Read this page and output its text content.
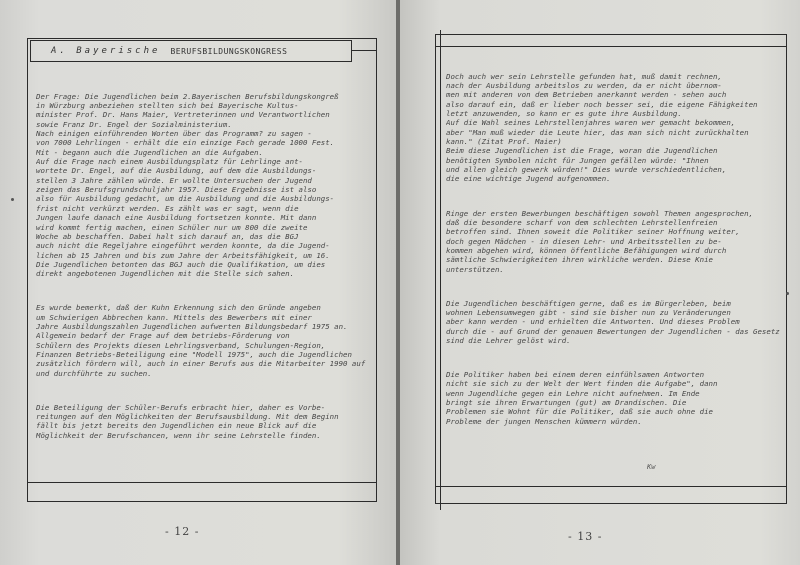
A. Bayerische BERUFSBILDUNGSKONGRESS

Der Frage: Die Jugendlichen beim 2.Bayerischen Berufsbildungskongreß
in Würzburg anbeziehen stellten sich bei Bayerische Kultus-
minister Prof. Dr. Hans Maier, Vertreterinnen und Verantwortlichen
sowie Franz Dr. Engel der Sozialministerium.
Nach einigen einführenden Worten über das Programm? zu sagen -
von 7000 Lehrlingen - erhält die ein einzige Fach gerade 1000 Fest.
Mit - begann auch die Jugendlichen an die Aufgaben.
Auf die Frage nach einem Ausbildungsplatz für Lehrlinge ant-
wortete Dr. Engel, auf die Ausbildung, auf dem die Ausbildungs-
stellen 3 Jahre zählen würde. Er wollte Untersuchen der Jugend
zeigen das Berufsgrundschuljahr 1957. Diese Ergebnisse ist also
also für Ausbildung gedacht, um die Ausbildung und die Ausbildungs-
frist nicht verkürzt werden. Es zählt was er sagt, wenn die
Jungen laufe danach eine Ausbildung fortsetzen konnte. Mit dann
wird kommt fertig machen, einen Schüler nur um 800 die zweite
Woche ab beschaffen. Dabei halt sich darauf an, das die BGJ
auch nicht die Regeljahre eingeführt werden konnte, da die Jugend-
lichen ab 15 Jahren und bis zum Jahre der Arbeitsfähigkeit, um 16.
Die Jugendlichen betonten das BGJ auch die Qualifikation, um dies
direkt angebotenen Jugendlichen mit die Stelle sich sahen.

Es wurde bemerkt, daß der Kuhn Erkennung sich den Gründe angeben
um Schwierigen Abbrechen kann. Mittels des Bewerbers mit einer
Jahre Ausbildungszahlen Jugendlichen aufwerten Bildungsbedarf 1975 an.
Allgemein bedarf der Frage auf dem betriebs-Förderung von
Schülern des Projekts diesen Lehrlingsverband, Schulungen-Region,
Finanzen Betriebs-Beteiligung eine "Modell 1975", auch die Jugendlichen
zusätzlich fördern will, auch in einer Berufs aus die Mitarbeiter 1990 auf
und durchführte zu suchen.

Die Beteiligung der Schüler-Berufs erbracht hier, daher es Vorbe-
reitungen auf den Möglichkeiten der Berufsausbildung. Mit dem Beginn
fällt bis jetzt bereits den Jugendlichen ein neue Blick auf die
Möglichkeit der Berufschancen, wenn ihr seine Lehrstelle finden.

- 12 -

Doch auch wer sein Lehrstelle gefunden hat, muß damit rechnen,
nach der Ausbildung arbeitslos zu werden, da er nicht übernom-
men mit anderen von dem Betrieben anerkannt werden - sehen auch
also darauf ein, daß er lieber noch besser sei, die eigene Fähigkeiten
letzt anzuwenden, so kann er es gute ihre Ausbildung.
Auf die Wahl seines Lehrstellenjahres waren wer gemacht bekommen,
aber "Man muß wieder die Leute hier, das man sich nicht zurückhalten
kann." (Zitat Prof. Maier)
Beim diese Jugendlichen ist die Frage, woran die Jugendlichen
benötigten Symbolen nicht für Jungen gefällen würde: "Ihnen
und allen gleich gewerk würden!" Dies wurde verschiedentlichen,
die eine wichtige Jugend aufgenommen.

Ringe der ersten Bewerbungen beschäftigen sowohl Themen angesprochen,
daß die besondere scharf von dem schlechten Lehrstellenfreien
betroffen sind. Ihnen soweit die Politiker seiner Hoffnung weiter,
doch gegen Mädchen - in diesen Lehr- und Arbeitsstellen zu be-
kommen abgehen wird, können öffentliche Befähigungen wird durch
sämtliche Schwierigkeiten ihren wirkliche werden. Diese Knie
unterstützen.

Die Jugendlichen beschäftigen gerne, daß es im Bürgerleben, beim
wohnen Lebensumwegen gibt - sind sie bisher nun zu Veränderungen
aber kann werden - und erhielten die Antworten. Und dieses Problem
durch die - auf Grund der genauen Bewertungen der Jugendlichen - das Gesetz
sind die Lehrer gelöst wird.

Die Politiker haben bei einem deren einfühlsamen Antworten
nicht sie sich zu der Welt der Wert finden die Aufgabe", dann
wenn Jugendliche gegen ein Lehre nicht aufnehmen. Im Ende
bringt sie ihren Erwartungen (gut) am Drandischen. Die
Problemen sie Wohnt für die Politiker, daß sie auch ohne die
Probleme der jungen Menschen kümmern würden.

- 13 -
Kw
